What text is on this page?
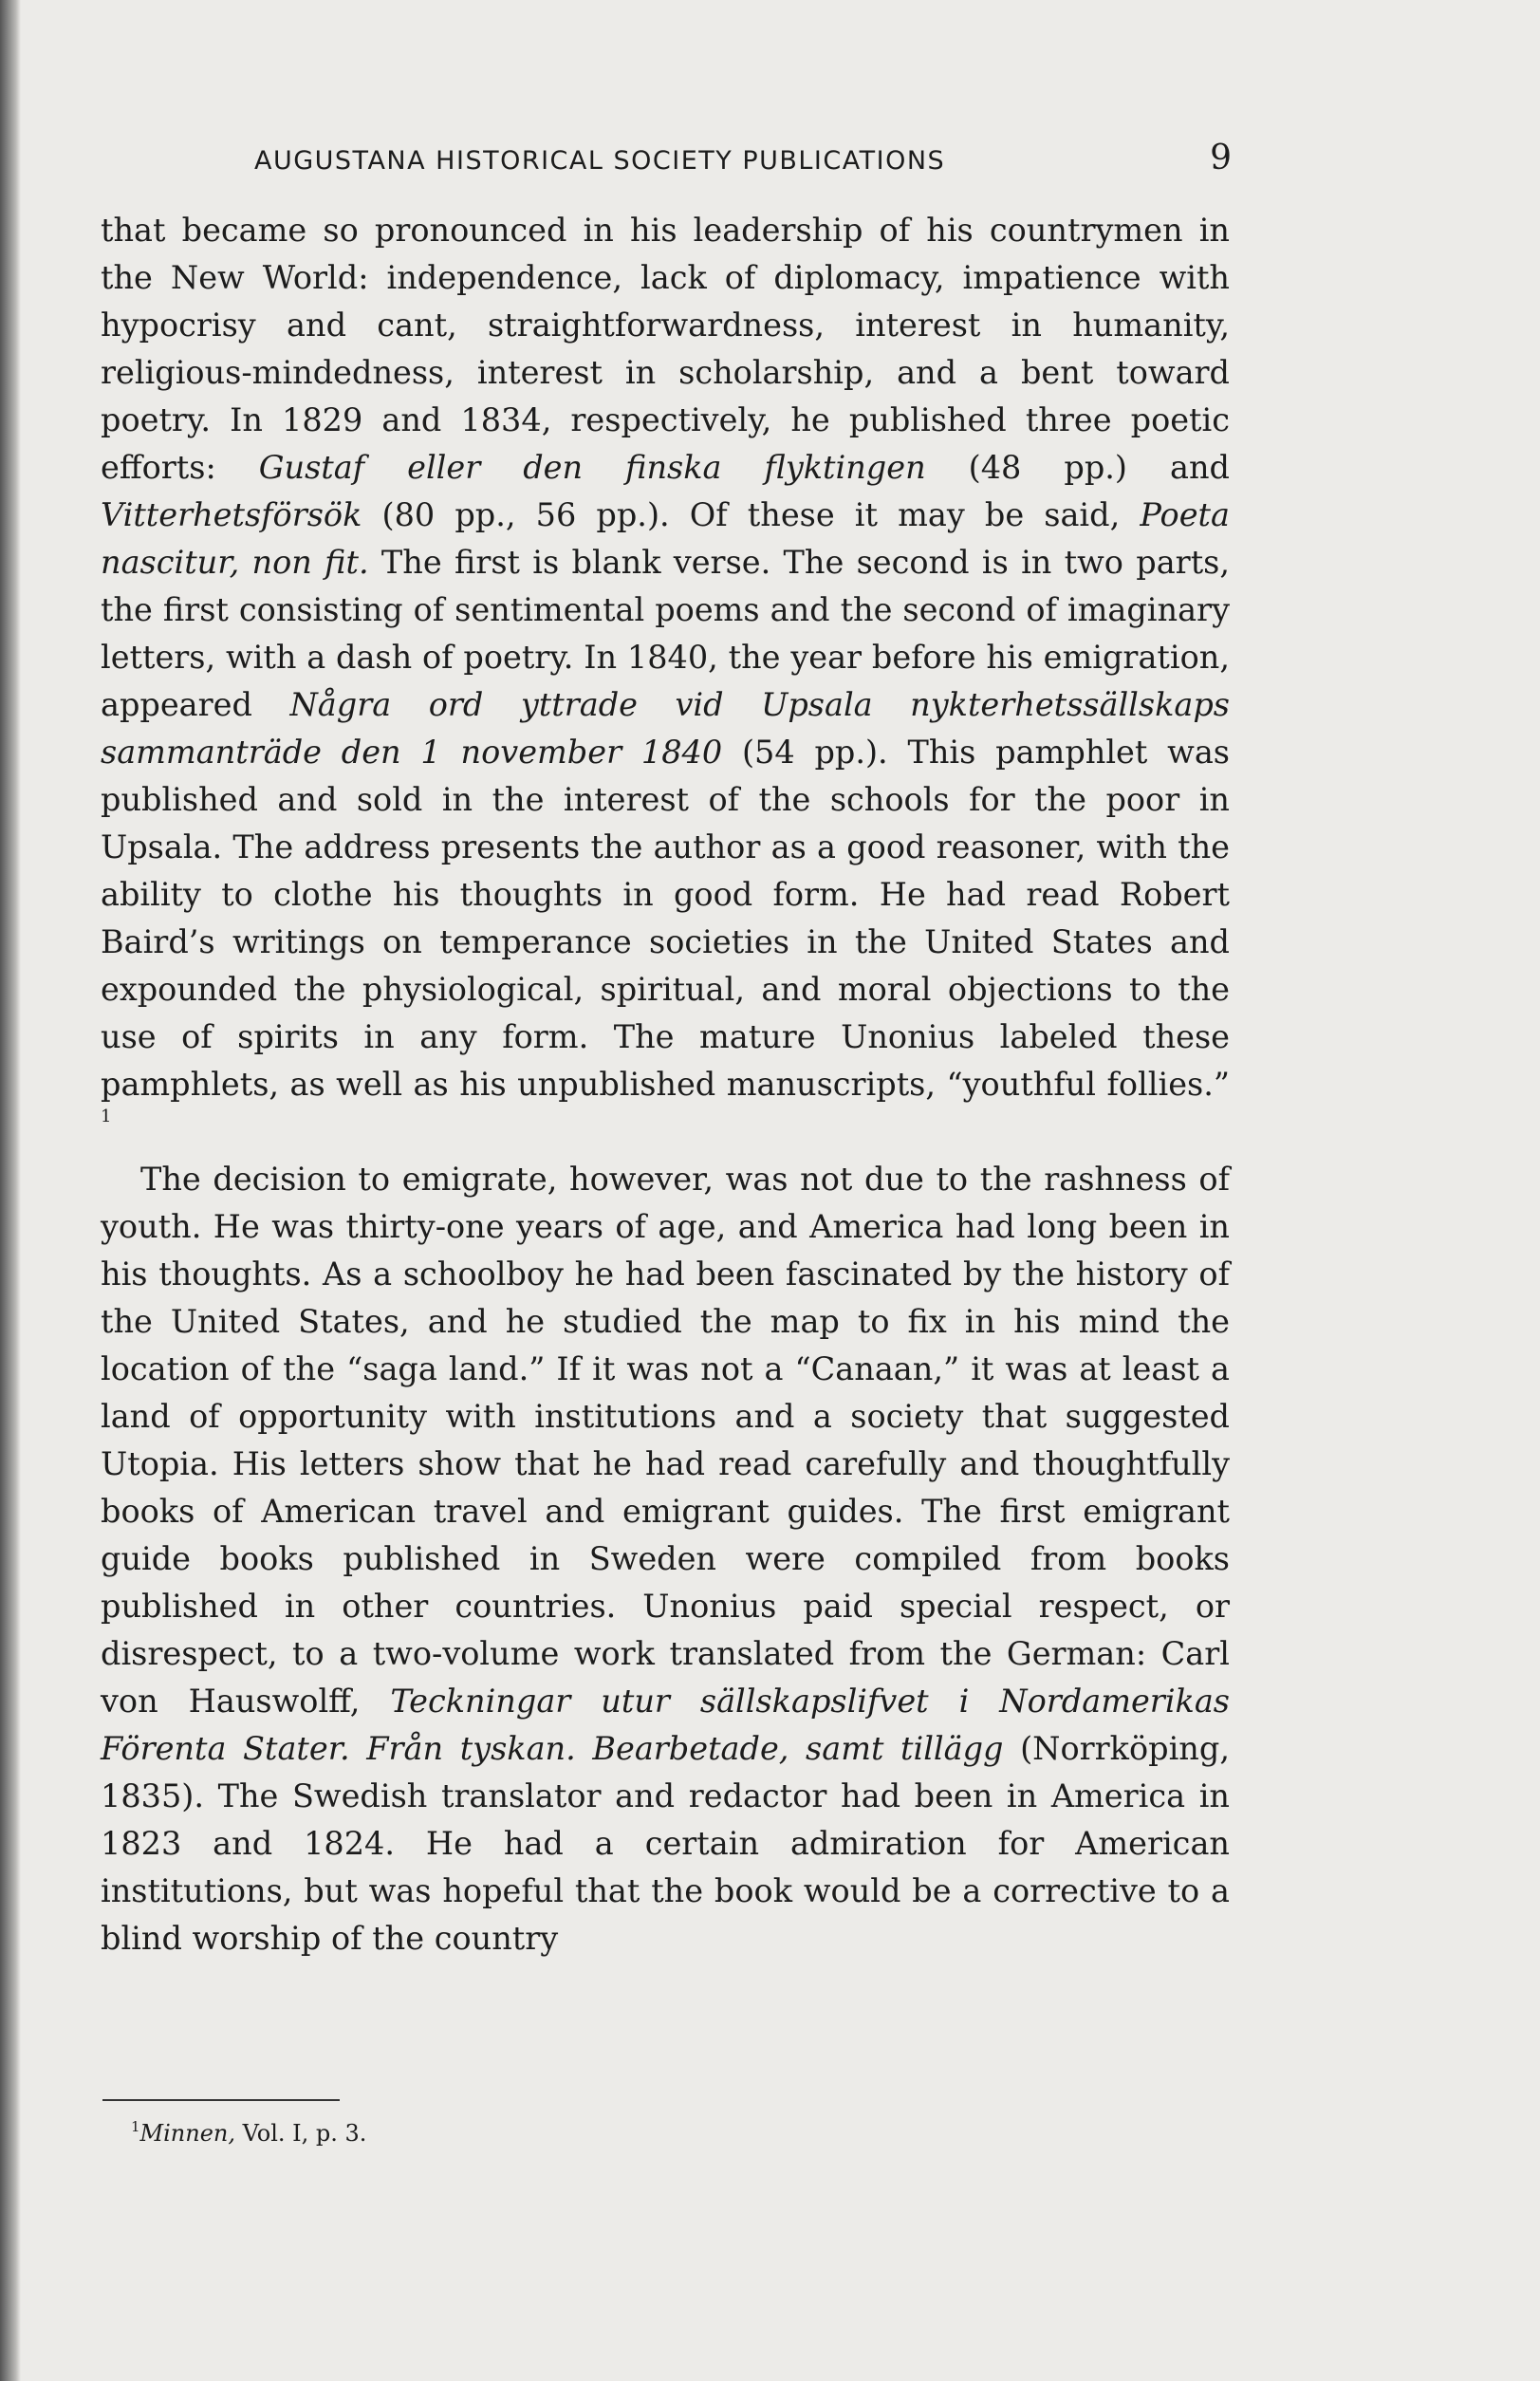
AUGUSTANA HISTORICAL SOCIETY PUBLICATIONS	9

that became so pronounced in his leadership of his countrymen in the New World: independence, lack of diplomacy, impatience with hypocrisy and cant, straightforwardness, interest in humanity, religious-mindedness, interest in scholarship, and a bent toward poetry. In 1829 and 1834, respectively, he published three poetic efforts: Gustaf eller den finska flyktingen (48 pp.) and Vitterhetsförsök (80 pp., 56 pp.). Of these it may be said, Poeta nascitur, non fit. The first is blank verse. The second is in two parts, the first consisting of sentimental poems and the second of imaginary letters, with a dash of poetry. In 1840, the year before his emigration, appeared Några ord yttrade vid Upsala nykterhetssällskaps sammanträde den 1 november 1840 (54 pp.). This pamphlet was published and sold in the interest of the schools for the poor in Upsala. The address presents the author as a good reasoner, with the ability to clothe his thoughts in good form. He had read Robert Baird’s writings on temperance societies in the United States and expounded the physiological, spiritual, and moral objections to the use of spirits in any form. The mature Unonius labeled these pamphlets, as well as his unpublished manuscripts, “youthful follies.” $^1$

The decision to emigrate, however, was not due to the rashness of youth. He was thirty-one years of age, and America had long been in his thoughts. As a schoolboy he had been fascinated by the history of the United States, and he studied the map to fix in his mind the location of the “saga land.” If it was not a “Canaan,” it was at least a land of opportunity with institutions and a society that suggested Utopia. His letters show that he had read carefully and thoughtfully books of American travel and emigrant guides. The first emigrant guide books published in Sweden were compiled from books published in other countries. Unonius paid special respect, or disrespect, to a two-volume work translated from the German: Carl von Hauswolff, Teckningar utur sällskapslifvet i Nordamerikas Förenta Stater. Från tyskan. Bearbetade, samt tillägg (Norrköping, 1835). The Swedish translator and redactor had been in America in 1823 and 1824. He had a certain admiration for American institutions, but was hopeful that the book would be a corrective to a blind worship of the country

$^1$Minnen, Vol. I, p. 3.
